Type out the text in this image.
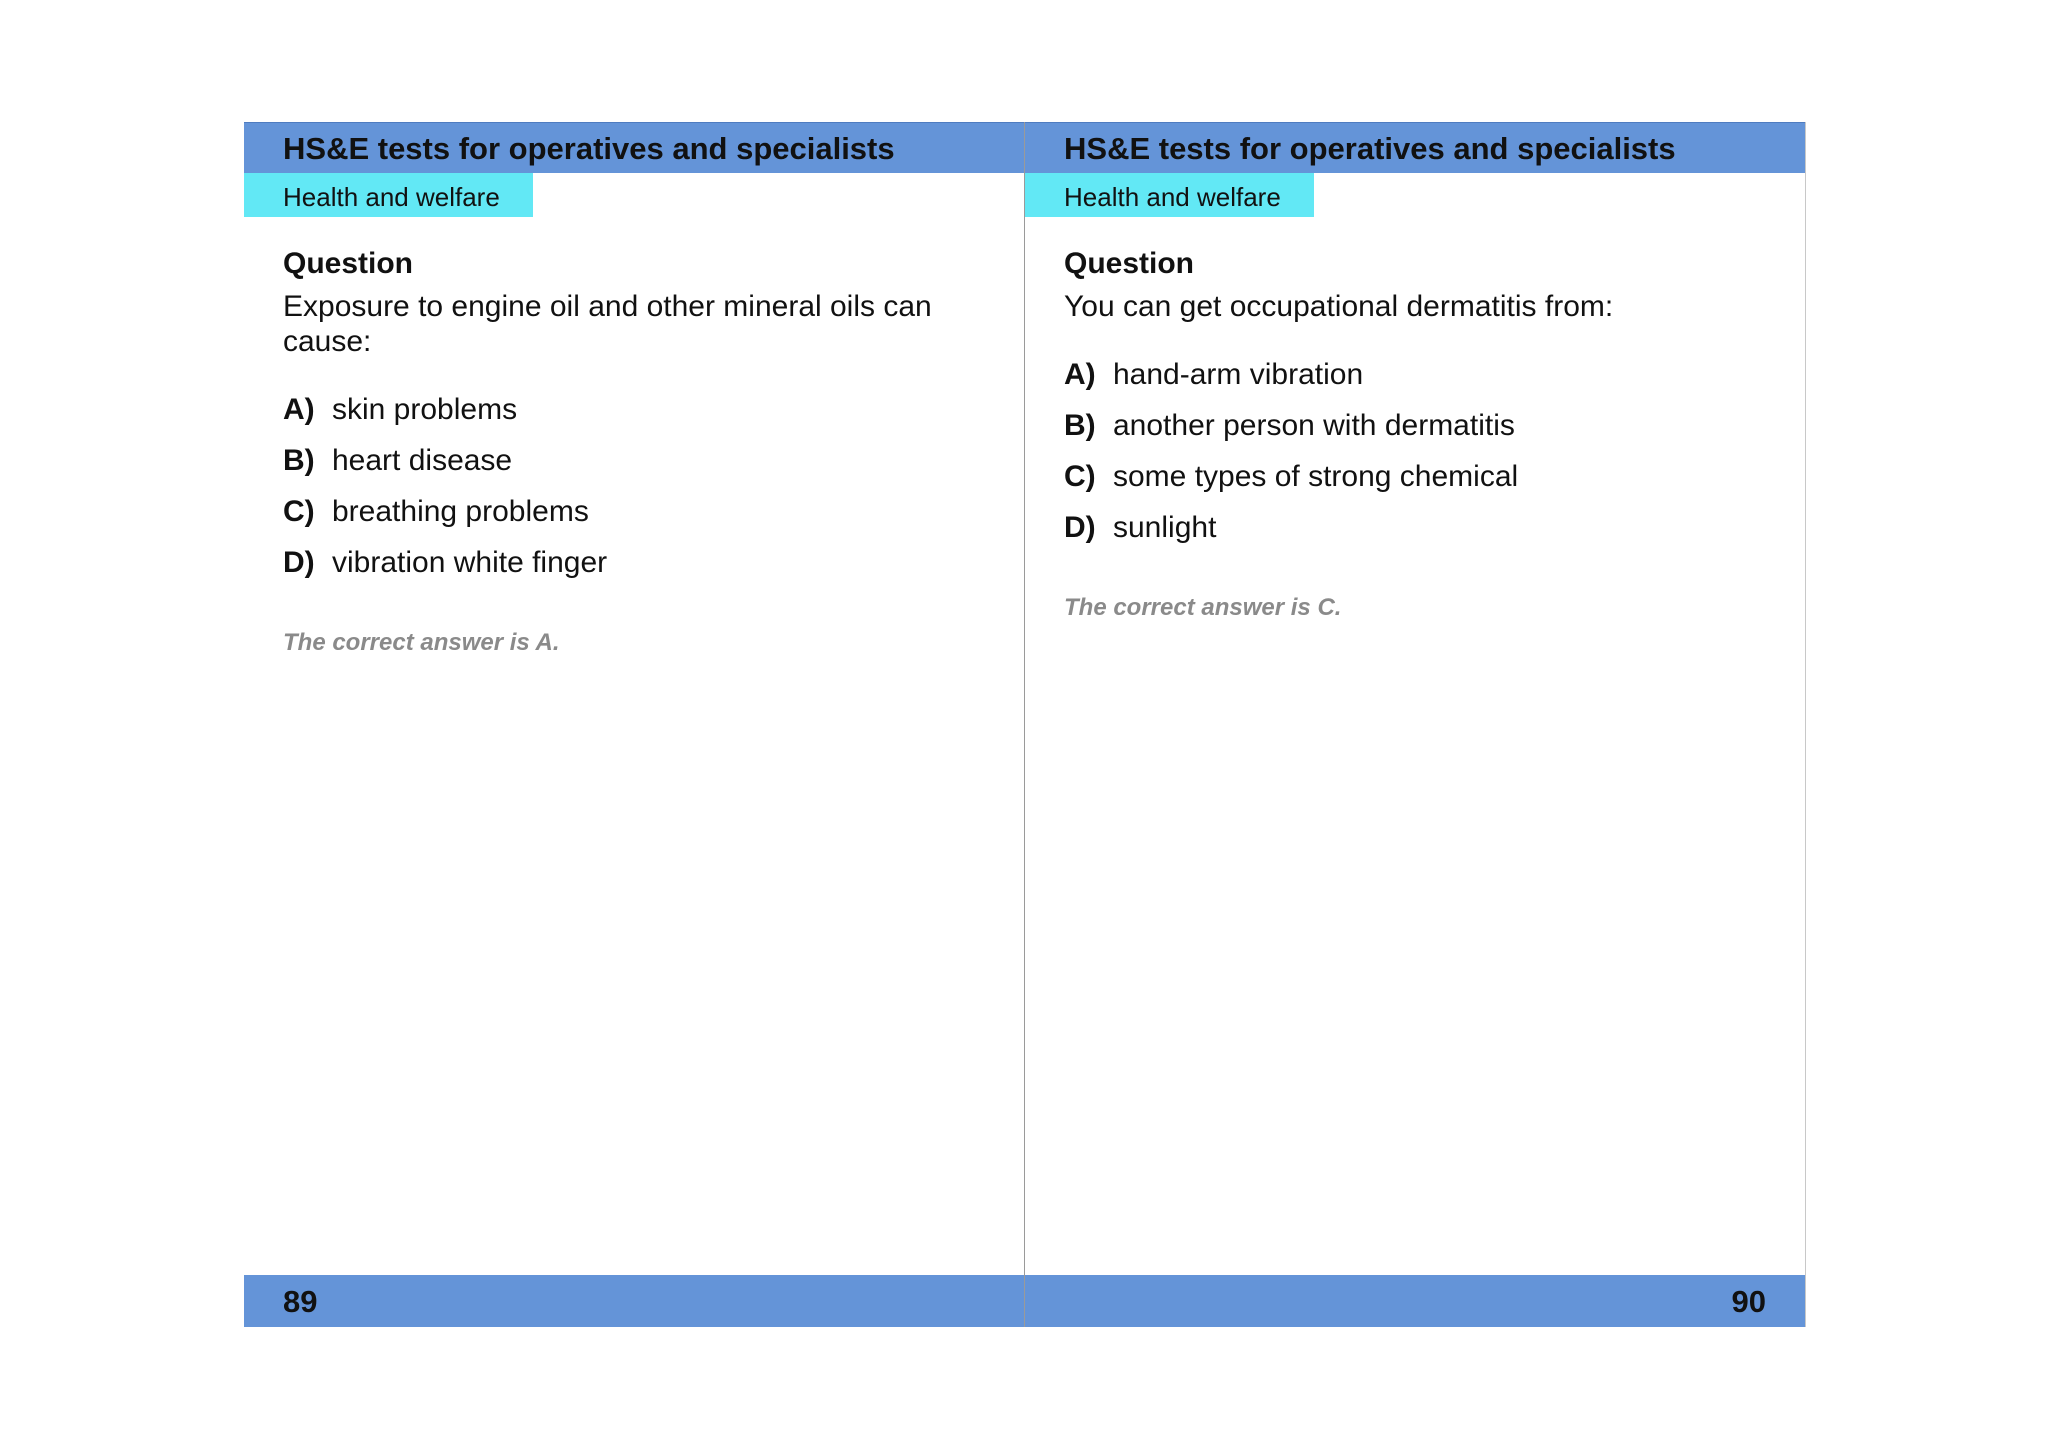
HS&E tests for operatives and specialists
Health and welfare
Question

Exposure to engine oil and other mineral oils can cause:

A) skin problems
B) heart disease
C) breathing problems
D) vibration white finger
The correct answer is A.
89
HS&E tests for operatives and specialists
Health and welfare
Question

You can get occupational dermatitis from:

A) hand-arm vibration
B) another person with dermatitis
C) some types of strong chemical
D) sunlight
The correct answer is C.
90
